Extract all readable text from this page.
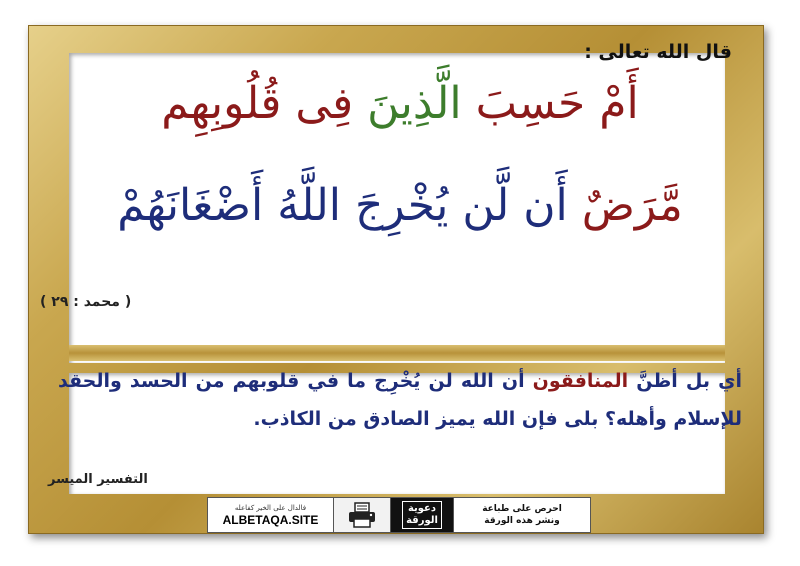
قال الله تعالى :
أَمْ حَسِبَ الَّذِينَ فِى قُلُوبِهِم
مَّرَضٌ أَن لَّن يُخْرِجَ اللَّهُ أَضْغَانَهُمْ
( محمد : ٢٩ )
أي بل أظنَّ المنافقون أن الله لن يُخْرِج ما في قلوبهم من الحسد والحقد للإسلام وأهله؟ بلى فإن الله يميز الصادق من الكاذب.
التفسير الميسر
فالدال على الخير كفاعله
ALBETAQA.SITE
دعوية
الورقة
احرص على طباعة
ونشر هذه الورقة
